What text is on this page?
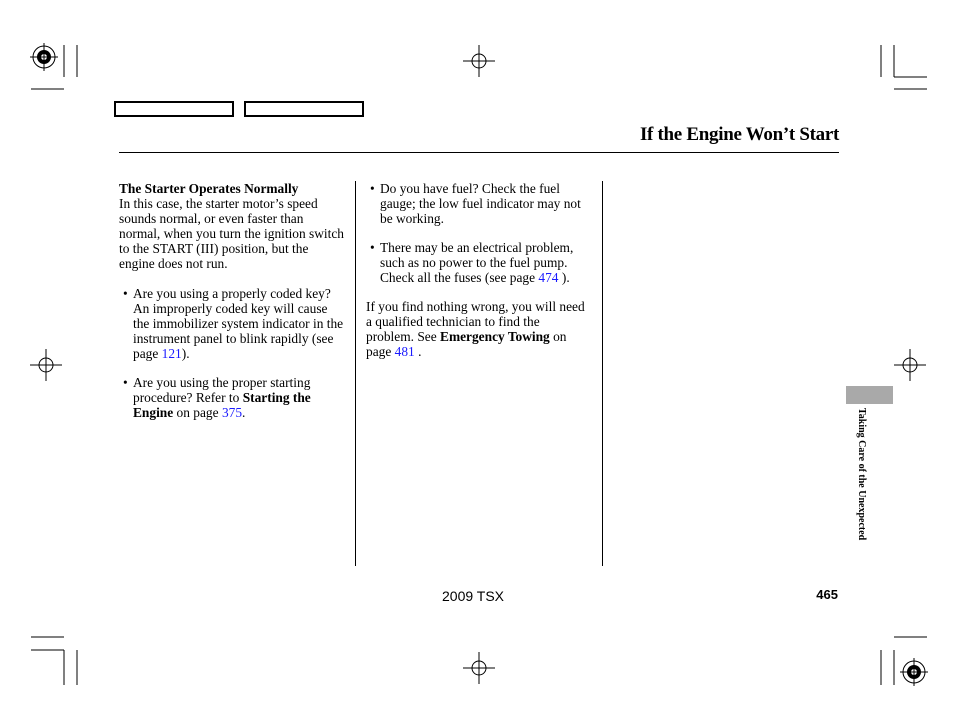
If the Engine Won’t Start

The Starter Operates Normally

In this case, the starter motor’s speed sounds normal, or even faster than normal, when you turn the ignition switch to the START (III) position, but the engine does not run.

• Are you using a properly coded key? An improperly coded key will cause the immobilizer system indicator in the instrument panel to blink rapidly (see page 121).

• Are you using the proper starting procedure? Refer to Starting the Engine on page 375.

• Do you have fuel? Check the fuel gauge; the low fuel indicator may not be working.

• There may be an electrical problem, such as no power to the fuel pump. Check all the fuses (see page 474 ).

If you find nothing wrong, you will need a qualified technician to find the problem. See Emergency Towing on page 481 .

Taking Care of the Unexpected
2009 TSX	465
